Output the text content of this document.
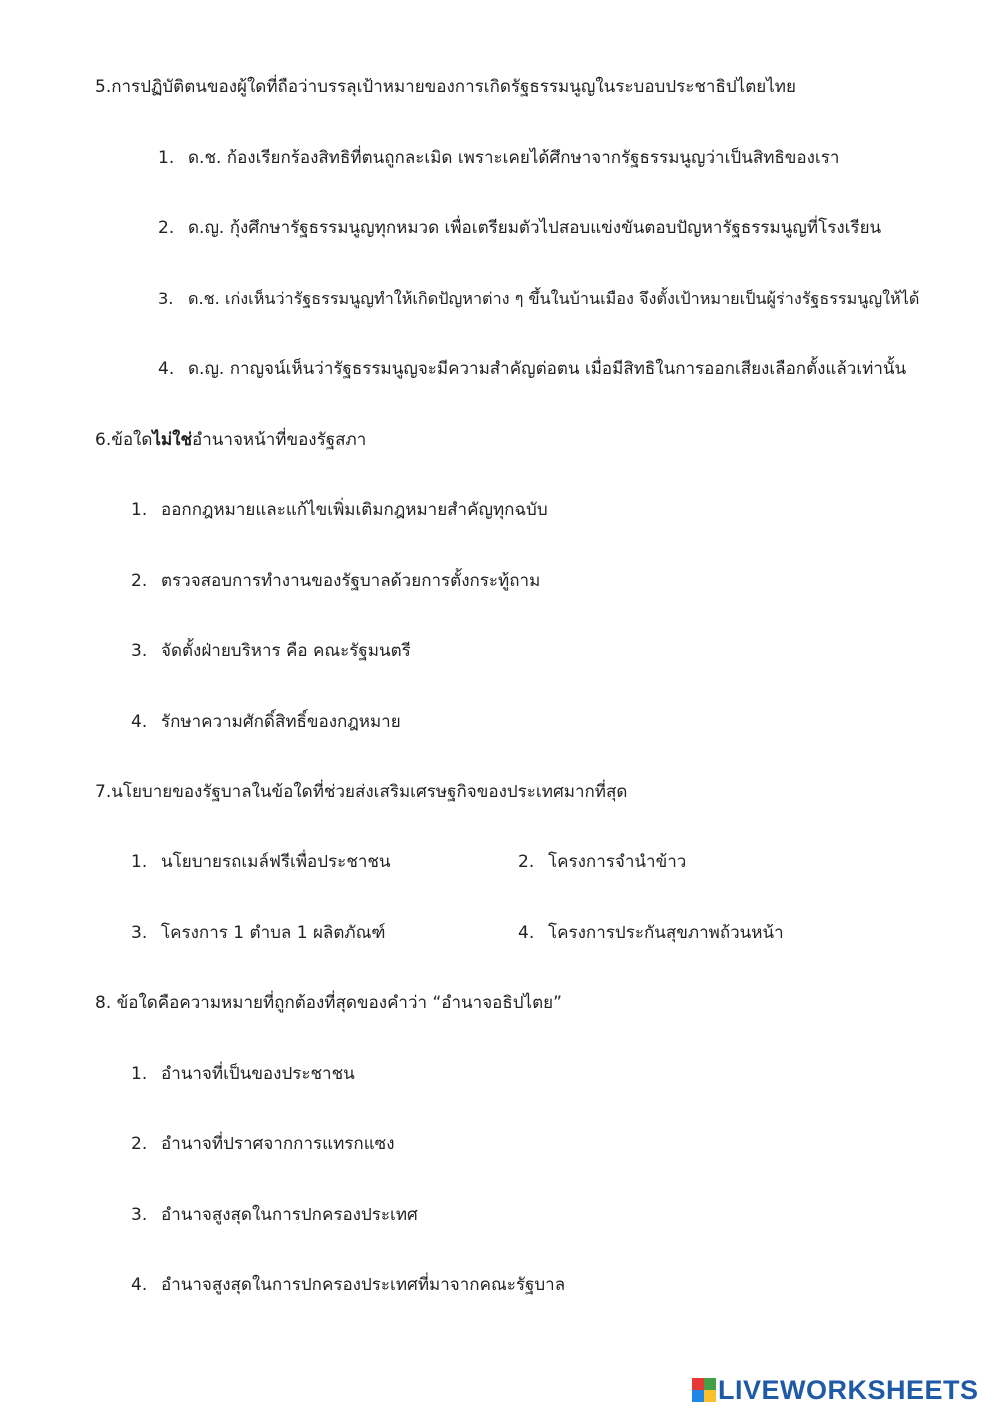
5.การปฏิบัติตนของผู้ใดที่ถือว่าบรรลุเป้าหมายของการเกิดรัฐธรรมนูญในระบอบประชาธิปไตยไทย
1. ด.ช. ก้องเรียกร้องสิทธิที่ตนถูกละเมิด เพราะเคยได้ศึกษาจากรัฐธรรมนูญว่าเป็นสิทธิของเรา
2. ด.ญ. กุ้งศึกษารัฐธรรมนูญทุกหมวด เพื่อเตรียมตัวไปสอบแข่งขันตอบปัญหารัฐธรรมนูญที่โรงเรียน
3. ด.ช. เก่งเห็นว่ารัฐธรรมนูญทำให้เกิดปัญหาต่าง ๆ ขึ้นในบ้านเมือง จึงตั้งเป้าหมายเป็นผู้ร่างรัฐธรรมนูญให้ได้
4. ด.ญ. กาญจน์เห็นว่ารัฐธรรมนูญจะมีความสำคัญต่อตน เมื่อมีสิทธิในการออกเสียงเลือกตั้งแล้วเท่านั้น
6.ข้อใดไม่ใช่อำนาจหน้าที่ของรัฐสภา
1. ออกกฎหมายและแก้ไขเพิ่มเติมกฎหมายสำคัญทุกฉบับ
2. ตรวจสอบการทำงานของรัฐบาลด้วยการตั้งกระทู้ถาม
3. จัดตั้งฝ่ายบริหาร คือ คณะรัฐมนตรี
4. รักษาความศักดิ์สิทธิ์ของกฎหมาย
7.นโยบายของรัฐบาลในข้อใดที่ช่วยส่งเสริมเศรษฐกิจของประเทศมากที่สุด
1. นโยบายรถเมล์ฟรีเพื่อประชาชน	2. โครงการจำนำข้าว
3. โครงการ 1 ตำบล 1 ผลิตภัณฑ์	4. โครงการประกันสุขภาพถ้วนหน้า
8. ข้อใดคือความหมายที่ถูกต้องที่สุดของคำว่า “อำนาจอธิปไตย”
1. อำนาจที่เป็นของประชาชน
2. อำนาจที่ปราศจากการแทรกแซง
3. อำนาจสูงสุดในการปกครองประเทศ
4. อำนาจสูงสุดในการปกครองประเทศที่มาจากคณะรัฐบาล
LIVEWORKSHEETS
